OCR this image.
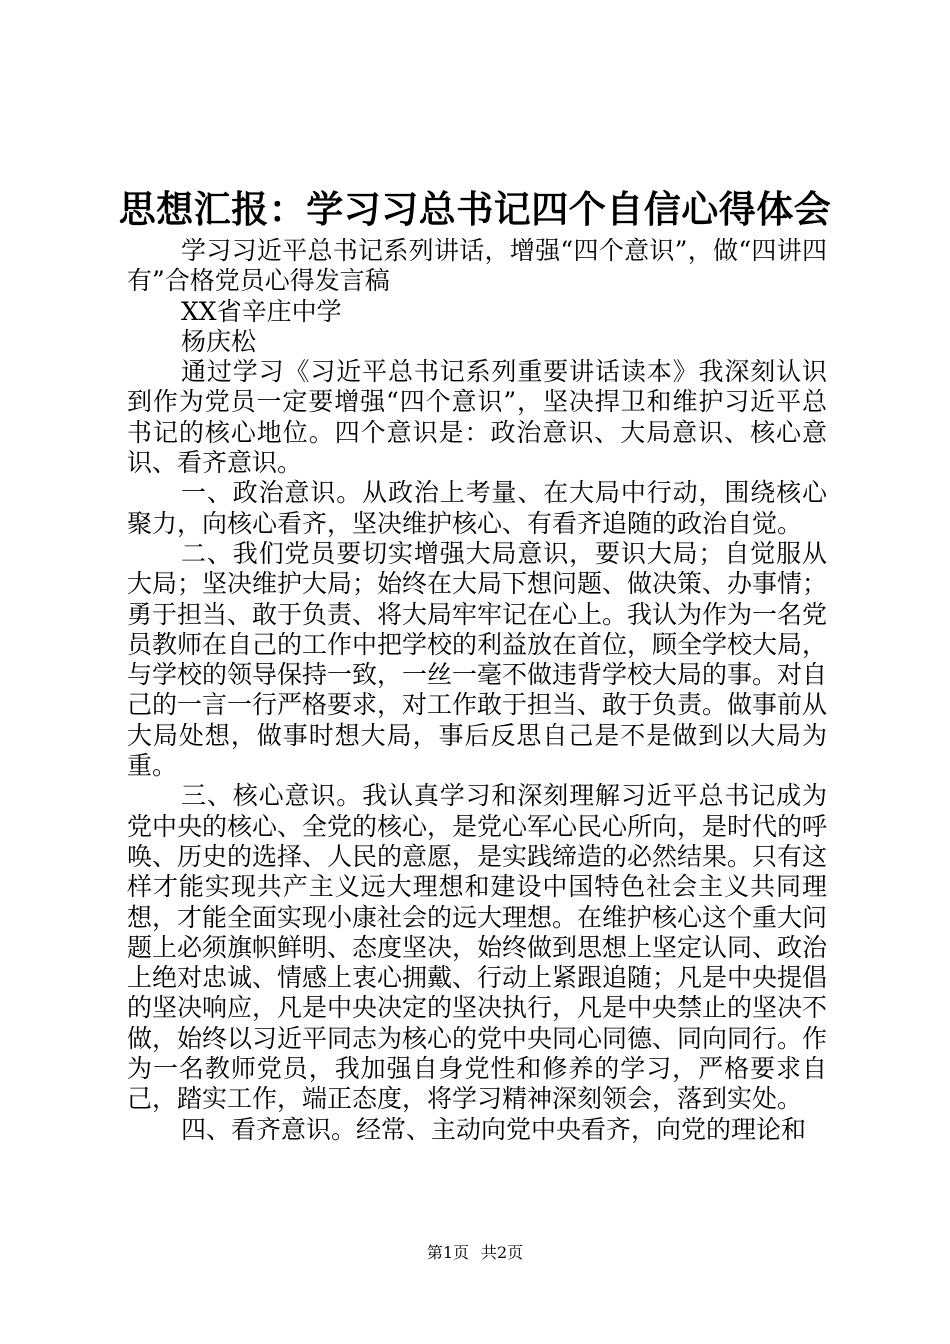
思想汇报：学习习总书记四个自信心得体会

学习习近平总书记系列讲话，增强“四个意识”，做“四讲四有”合格党员心得发言稿

XX省辛庄中学

杨庆松

通过学习《习近平总书记系列重要讲话读本》我深刻认识到作为党员一定要增强“四个意识”，坚决捍卫和维护习近平总书记的核心地位。四个意识是：政治意识、大局意识、核心意识、看齐意识。

一、政治意识。从政治上考量、在大局中行动，围绕核心聚力，向核心看齐，坚决维护核心、有看齐追随的政治自觉。

二、我们党员要切实增强大局意识，要识大局；自觉服从大局；坚决维护大局；始终在大局下想问题、做决策、办事情；勇于担当、敢于负责、将大局牢牢记在心上。我认为作为一名党员教师在自己的工作中把学校的利益放在首位，顾全学校大局，与学校的领导保持一致，一丝一毫不做违背学校大局的事。对自己的一言一行严格要求，对工作敢于担当、敢于负责。做事前从大局处想，做事时想大局，事后反思自己是不是做到以大局为重。

三、核心意识。我认真学习和深刻理解习近平总书记成为党中央的核心、全党的核心，是党心军心民心所向，是时代的呼唤、历史的选择、人民的意愿，是实践缔造的必然结果。只有这样才能实现共产主义远大理想和建设中国特色社会主义共同理想，才能全面实现小康社会的远大理想。在维护核心这个重大问题上必须旗帜鲜明、态度坚决，始终做到思想上坚定认同、政治上绝对忠诚、情感上衷心拥戴、行动上紧跟追随；凡是中央提倡的坚决响应，凡是中央决定的坚决执行，凡是中央禁止的坚决不做，始终以习近平同志为核心的党中央同心同德、同向同行。作为一名教师党员，我加强自身党性和修养的学习，严格要求自己，踏实工作，端正态度，将学习精神深刻领会，落到实处。

四、看齐意识。经常、主动向党中央看齐，向党的理论和

第1页 共2页
